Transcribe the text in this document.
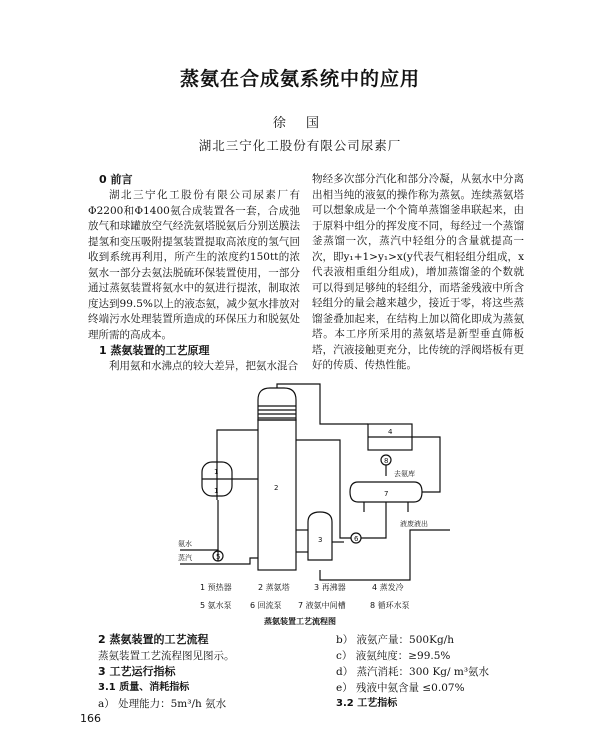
蒸氨在合成氨系统中的应用
徐 国
湖北三宁化工股份有限公司尿素厂
0 前言

湖北三宁化工股份有限公司尿素厂有Φ2200和Φ1400氨合成装置各一套，合成弛放气和球罐放空气经洗氨塔脱氨后分别送膜法提氢和变压吸附提氢装置提取高浓度的氢气回收到系统再利用，所产生的浓度约150tt的浓氨水一部分去氨法脱硫环保装置使用，一部分通过蒸氨装置将氨水中的氨进行提浓，制取浓度达到99.5%以上的液态氨，减少氨水排放对终端污水处理装置所造成的环保压力和脱氨处理所需的高成本。

1 蒸氨装置的工艺原理

利用氨和水沸点的较大差异，把氨水混合

物经多次部分汽化和部分冷凝，从氨水中分离出相当纯的液氨的操作称为蒸氨。连续蒸氨塔可以想象成是一个个简单蒸馏釜串联起来，由于原料中组分的挥发度不同，每经过一个蒸馏釜蒸馏一次，蒸汽中轻组分的含量就提高一次，即y₁+1>y₁>x(y代表气相轻组分组成，x代表液相重组分组成)，增加蒸馏釜的个数就可以得到足够纯的轻组分，而塔釜残液中所含轻组分的量会越来越少，接近于零，将这些蒸馏釜叠加起来，在结构上加以简化即成为蒸氨塔。本工序所采用的蒸氨塔是新型垂直筛板塔，汽液接触更充分，比传统的浮阀塔板有更好的传质、传热性能。

1
1	2
3
4
5
6
7
8
氨水
蒸汽
去氨库
液废液出
1 预热器	2 蒸氨塔	3 再沸器	4 蒸发冷
5 氨水泵 6 回流泵 7 液氨中间槽	8 循环水泵
蒸氨装置工艺流程图
2 蒸氨装置的工艺流程
蒸氨装置工艺流程图见图示。
3 工艺运行指标
3.1 质量、消耗指标
a） 处理能力：5m³/h 氨水
b） 液氨产量：500Kg/h
c） 液氨纯度：≥99.5%
d） 蒸汽消耗：300 Kg/ m³氨水
e） 残液中氨含量 ≤0.07%
3.2 工艺指标
166
